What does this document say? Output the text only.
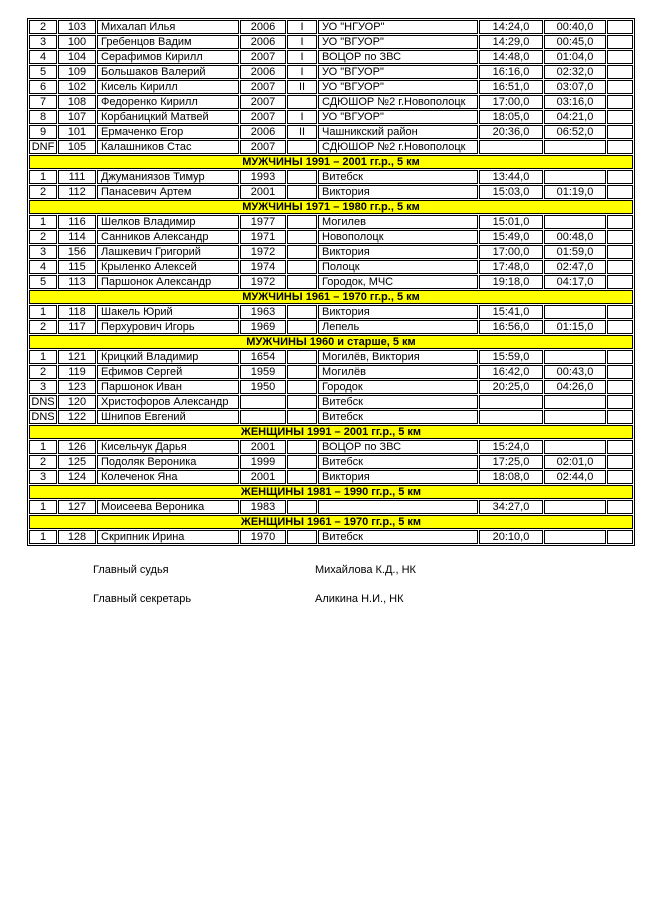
2	103	Михалап Илья	2006	I	УО "НГУОР"	14:24,0	00:40,0	
3	100	Гребенцов Вадим	2006	I	УО "ВГУОР"	14:29,0	00:45,0	
4	104	Серафимов Кирилл	2007	I	ВОЦОР по ЗВС	14:48,0	01:04,0	
5	109	Большаков Валерий	2006	I	УО "ВГУОР"	16:16,0	02:32,0	
6	102	Кисель Кирилл	2007	II	УО "ВГУОР"	16:51,0	03:07,0	
7	108	Федоренко Кирилл	2007		СДЮШОР №2 г.Новополоцк	17:00,0	03:16,0	
8	107	Корбаницкий Матвей	2007	I	УО "ВГУОР"	18:05,0	04:21,0	
9	101	Ермаченко Егор	2006	II	Чашникский район	20:36,0	06:52,0	
DNF	105	Калашников Стас	2007		СДЮШОР №2 г.Новополоцк			
МУЖЧИНЫ 1991 – 2001 гг.р., 5 км								
1	111	Джуманиязов Тимур	1993		Витебск	13:44,0		
2	112	Панасевич Артем	2001		Виктория	15:03,0	01:19,0	
МУЖЧИНЫ 1971 – 1980 гг.р., 5 км								
1	116	Шелков Владимир	1977		Могилев	15:01,0		
2	114	Санников Александр	1971		Новополоцк	15:49,0	00:48,0	
3	156	Лашкевич Григорий	1972		Виктория	17:00,0	01:59,0	
4	115	Крыленко Алексей	1974		Полоцк	17:48,0	02:47,0	
5	113	Паршонок Александр	1972		Городок, МЧС	19:18,0	04:17,0	
МУЖЧИНЫ 1961 – 1970 гг.р., 5 км								
1	118	Шакель Юрий	1963		Виктория	15:41,0		
2	117	Перхурович Игорь	1969		Лепель	16:56,0	01:15,0	
МУЖЧИНЫ 1960 и старше, 5 км								
1	121	Крицкий Владимир	1654		Могилёв, Виктория	15:59,0		
2	119	Ефимов Сергей	1959		Могилёв	16:42,0	00:43,0	
3	123	Паршонок Иван	1950		Городок	20:25,0	04:26,0	
DNS	120	Христофоров Александр			Витебск			
DNS	122	Шнипов Евгений			Витебск			
ЖЕНЩИНЫ 1991 – 2001 гг.р., 5 км								
1	126	Кисельчук Дарья	2001		ВОЦОР по ЗВС	15:24,0		
2	125	Подоляк Вероника	1999		Витебск	17:25,0	02:01,0	
3	124	Колеченок Яна	2001		Виктория	18:08,0	02:44,0	
ЖЕНЩИНЫ 1981 – 1990 гг.р., 5 км								
1	127	Моисеева Вероника	1983			34:27,0		
ЖЕНЩИНЫ 1961 – 1970 гг.р., 5 км								
1	128	Скрипник Ирина	1970		Витебск	20:10,0		
Главный судья	Михайлова К.Д., НК
Главный секретарь	Аликина Н.И., НК
